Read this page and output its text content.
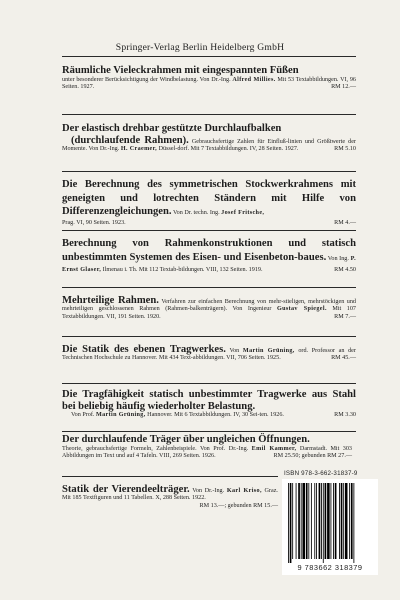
Springer-Verlag Berlin Heidelberg GmbH
Räumliche Vieleckrahmen mit eingespannten Füßen
unter besonderer Berücksichtigung der Windbelastung. Von Dr.-Ing. Alfred Millies. Mit 53 Textabbildungen. VI, 96 Seiten. 1927.	RM 12.—
Der elastisch drehbar gestützte Durchlaufbalken
(durchlaufende Rahmen). Gebrauchsfertige Zahlen für Einfluß-linien und Größtwerte der Momente. Von Dr.-Ing. H. Craemer, Düssel-dorf. Mit 7 Textabbildungen. IV, 28 Seiten. 1927.	RM 5.10
Die Berechnung des symmetrischen Stockwerkrahmens mit geneigten und lotrechten Ständern mit Hilfe von Differenzengleichungen. Von Dr. techn. Ing. Josef Fritsche,
Prag. VI, 90 Seiten. 1923.	RM 4.—
Berechnung von Rahmenkonstruktionen und statisch unbestimmten Systemen des Eisen- und Eisenbeton-baues. Von Ing. P. Ernst Glaser, Ilmenau i. Th. Mit 112 Textab-bildungen. VIII, 132 Seiten. 1919.	RM 4.50
Mehrteilige Rahmen. Verfahren zur einfachen Berechnung von mehr-stieligen, mehrstöckigen und mehrteiligen geschlossenen Rahmen (Rahmen-balkenträgern). Von Ingenieur Gustav Spiegel. Mit 107 Textabbildungen. VII, 191 Seiten. 1920.	RM 7.—
Die Statik des ebenen Tragwerkes. Von Martin Grüning, ord. Professor an der Technischen Hochschule zu Hannover. Mit 434 Text-abbildungen. VII, 706 Seiten. 1925.	RM 45.—
Die Tragfähigkeit statisch unbestimmter Tragwerke aus Stahl bei beliebig häufig wiederholter Belastung.
Von Prof. Martin Grüning, Hannover. Mit 6 Textabbildungen. IV, 30 Sei-ten. 1926.	RM 3.30
Der durchlaufende Träger über ungleichen Öffnungen.
Theorie, gebrauchsfertige Formeln, Zahlenbeispiele. Von Prof. Dr.-Ing. Emil Kammer, Darmstadt. Mit 303 Abbildungen im Text und auf 4 Tafeln. VIII, 269 Seiten. 1926.	RM 25.50; gebunden RM 27.—
Statik der Vierendeelträger. Von Dr.-Ing. Karl Kriso, Graz. Mit 185 Textfiguren und 11 Tabellen. X, 288 Seiten. 1922.
RM 13.—; gebunden RM 15.—
ISBN 978-3-662-31837-9
9 783662 318379
